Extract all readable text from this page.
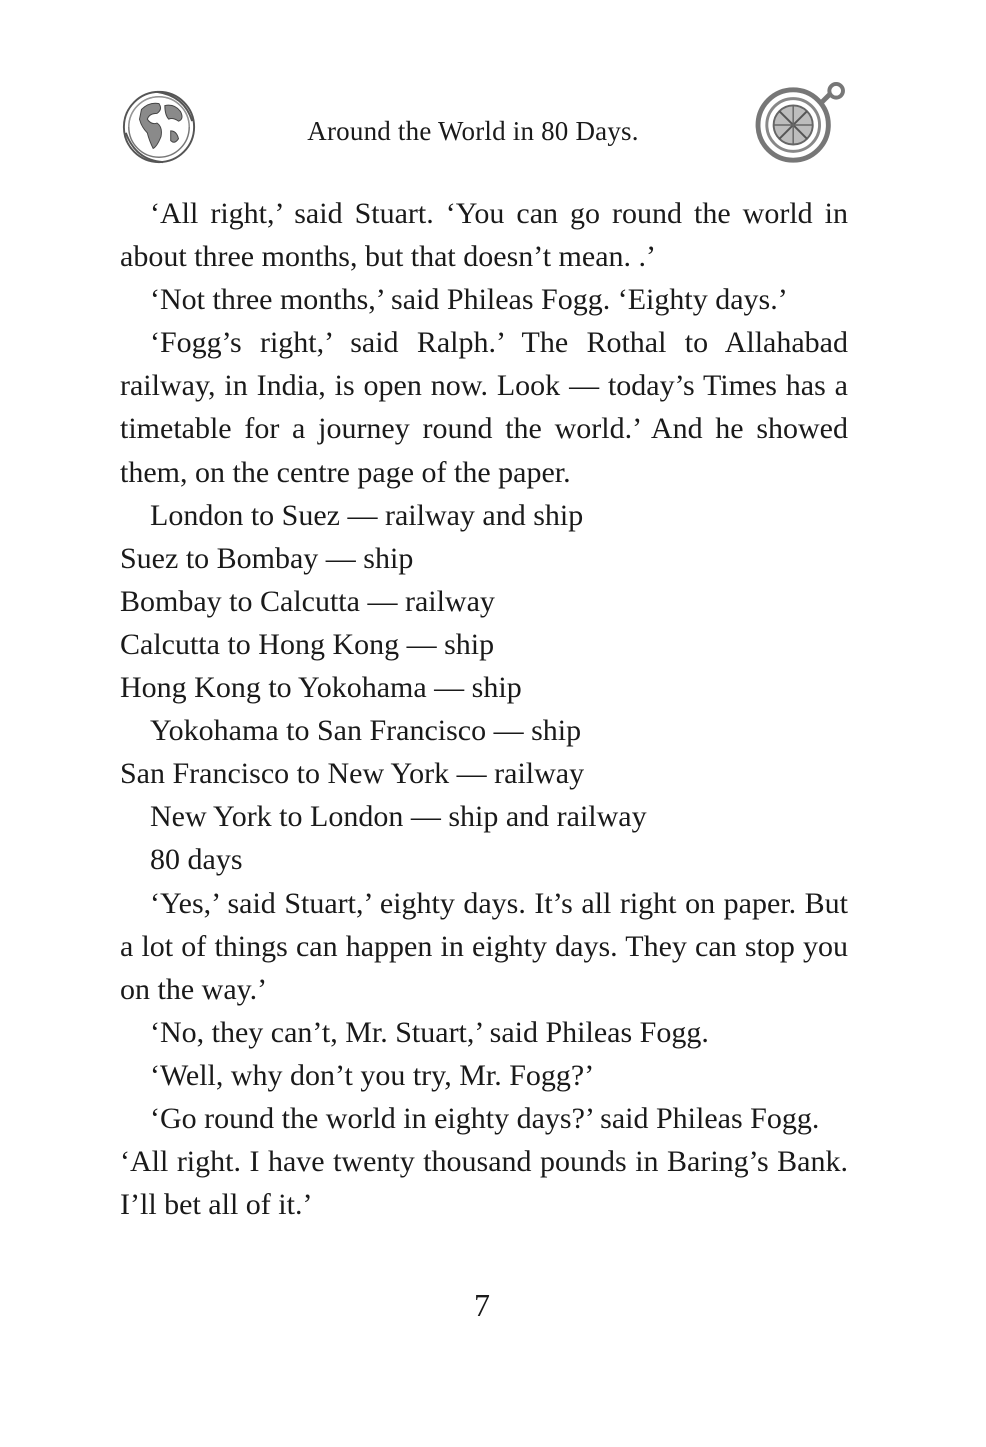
Around the World in 80 Days.

‘All right,’ said Stuart. ‘You can go round the world in about three months, but that doesn’t mean. .’

‘Not three months,’ said Phileas Fogg. ‘Eighty days.’

‘Fogg’s right,’ said Ralph.’ The Rothal to Allahabad railway, in India, is open now. Look — today’s Times has a timetable for a journey round the world.’ And he showed them, on the centre page of the paper.

London to Suez — railway and ship

Suez to Bombay — ship

Bombay to Calcutta — railway

Calcutta to Hong Kong — ship

Hong Kong to Yokohama — ship

Yokohama to San Francisco — ship

San Francisco to New York — railway

New York to London — ship and railway

80 days

‘Yes,’ said Stuart,’ eighty days. It’s all right on paper. But a lot of things can happen in eighty days. They can stop you on the way.’

‘No, they can’t, Mr. Stuart,’ said Phileas Fogg.

‘Well, why don’t you try, Mr. Fogg?’

‘Go round the world in eighty days?’ said Phileas Fogg.

‘All right. I have twenty thousand pounds in Baring’s Bank. I’ll bet all of it.’

7
